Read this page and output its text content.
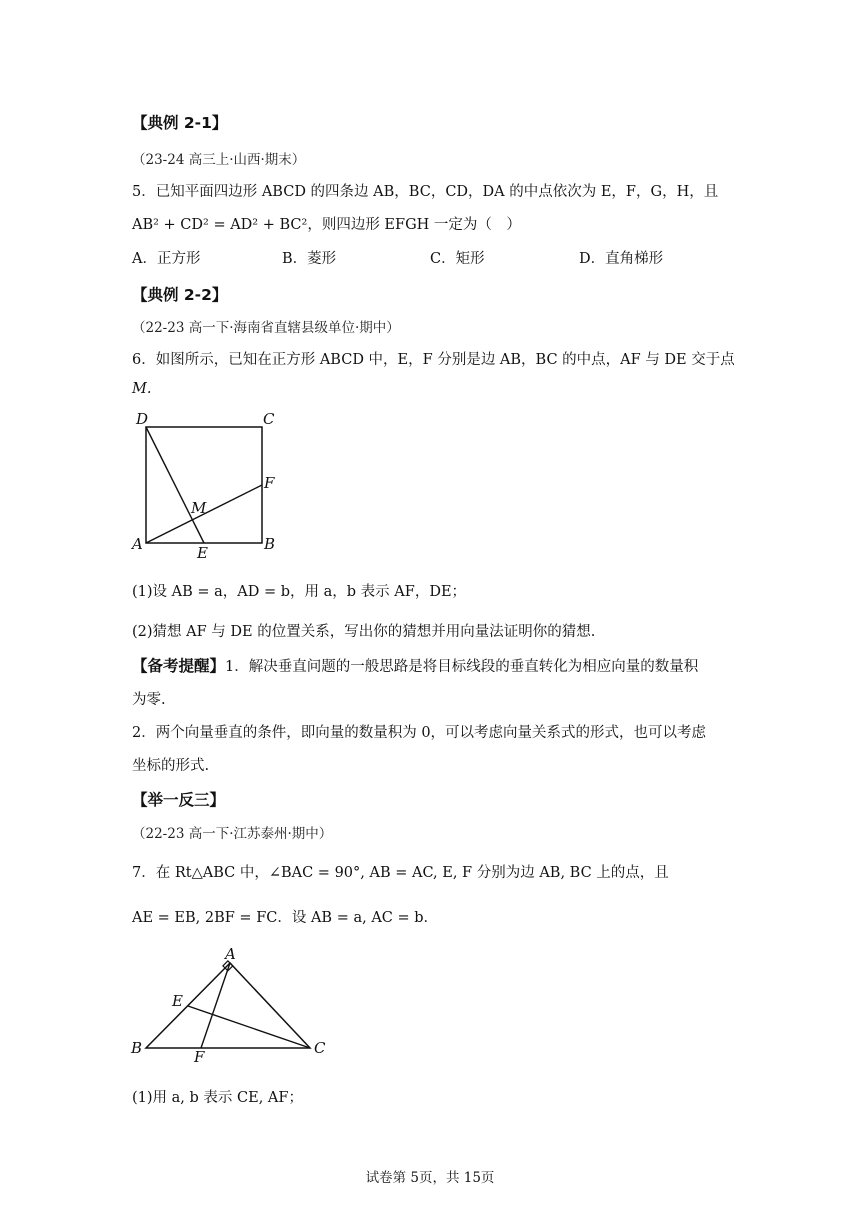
【典例 2-1】
（23-24 高三上·山西·期末）
5．已知平面四边形 ABCD 的四条边 AB，BC，CD，DA 的中点依次为 E，F，G，H，且
AB² + CD² = AD² + BC²，则四边形 EFGH 一定为（　）
A．正方形	B．菱形	C．矩形	D．直角梯形
【典例 2-2】
（22-23 高一下·海南省直辖县级单位·期中）
6．如图所示，已知在正方形 ABCD 中，E，F 分别是边 AB，BC 的中点，AF 与 DE 交于点
M.
D	C
F
M
A	E	B
(1)设 AB = a，AD = b，用 a，b 表示 AF，DE；
(2)猜想 AF 与 DE 的位置关系，写出你的猜想并用向量法证明你的猜想.
【备考提醒】1．解决垂直问题的一般思路是将目标线段的垂直转化为相应向量的数量积
为零.
2．两个向量垂直的条件，即向量的数量积为 0，可以考虑向量关系式的形式，也可以考虑
坐标的形式.
【举一反三】
（22-23 高一下·江苏泰州·期中）
7．在 Rt△ABC 中，∠BAC = 90°, AB = AC, E, F 分别为边 AB, BC 上的点，且
AE = EB, 2BF = FC．设 AB = a, AC = b．
A
E
B	F	C
(1)用 a, b 表示 CE, AF；
试卷第 5页，共 15页
